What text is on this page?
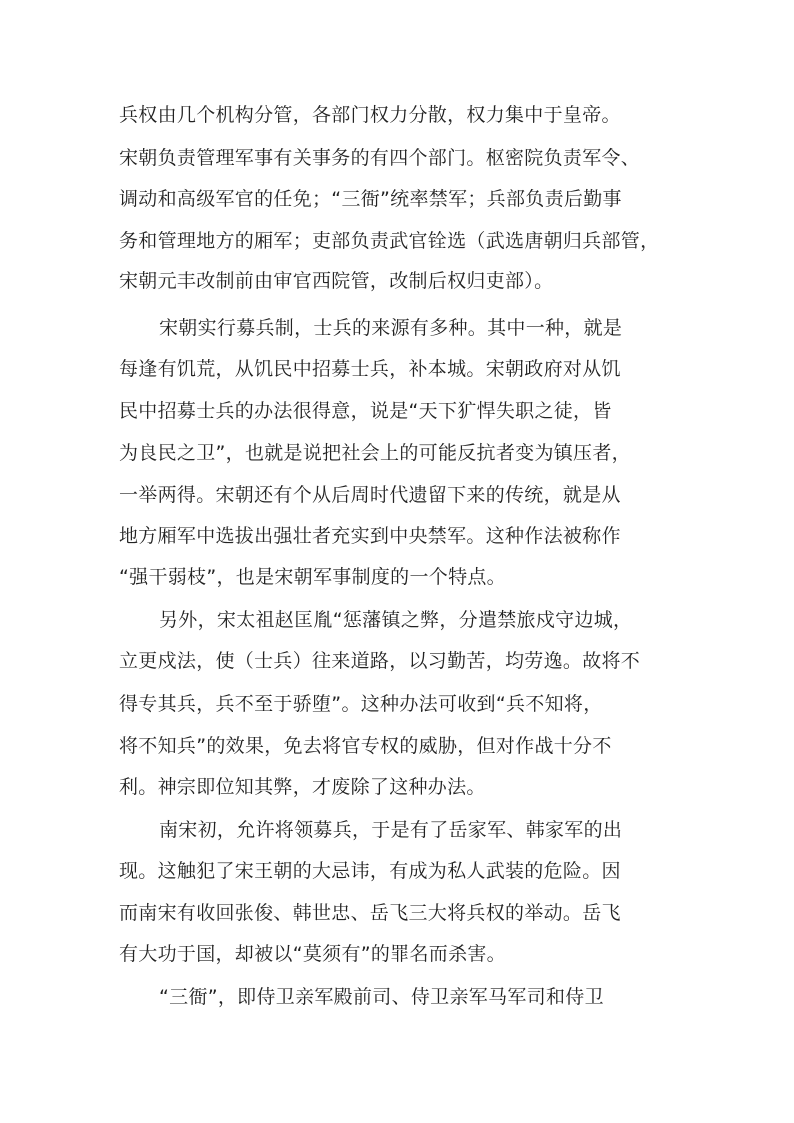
兵权由几个机构分管，各部门权力分散，权力集中于皇帝。
宋朝负责管理军事有关事务的有四个部门。枢密院负责军令、
调动和高级军官的任免；“三衙”统率禁军；兵部负责后勤事
务和管理地方的厢军；吏部负责武官铨选（武选唐朝归兵部管，
宋朝元丰改制前由审官西院管，改制后权归吏部）。
宋朝实行募兵制，士兵的来源有多种。其中一种，就是
每逢有饥荒，从饥民中招募士兵，补本城。宋朝政府对从饥
民中招募士兵的办法很得意，说是“天下犷悍失职之徒，皆
为良民之卫”，也就是说把社会上的可能反抗者变为镇压者，
一举两得。宋朝还有个从后周时代遗留下来的传统，就是从
地方厢军中选拔出强壮者充实到中央禁军。这种作法被称作
“强干弱枝”，也是宋朝军事制度的一个特点。
另外，宋太祖赵匡胤“惩藩镇之弊，分遣禁旅戍守边城，
立更戍法，使（士兵）往来道路，以习勤苦，均劳逸。故将不
得专其兵，兵不至于骄堕”。这种办法可收到“兵不知将，
将不知兵”的效果，免去将官专权的威胁，但对作战十分不
利。神宗即位知其弊，才废除了这种办法。
南宋初，允许将领募兵，于是有了岳家军、韩家军的出
现。这触犯了宋王朝的大忌讳，有成为私人武装的危险。因
而南宋有收回张俊、韩世忠、岳飞三大将兵权的举动。岳飞
有大功于国，却被以“莫须有”的罪名而杀害。
“三衙”，即侍卫亲军殿前司、侍卫亲军马军司和侍卫
